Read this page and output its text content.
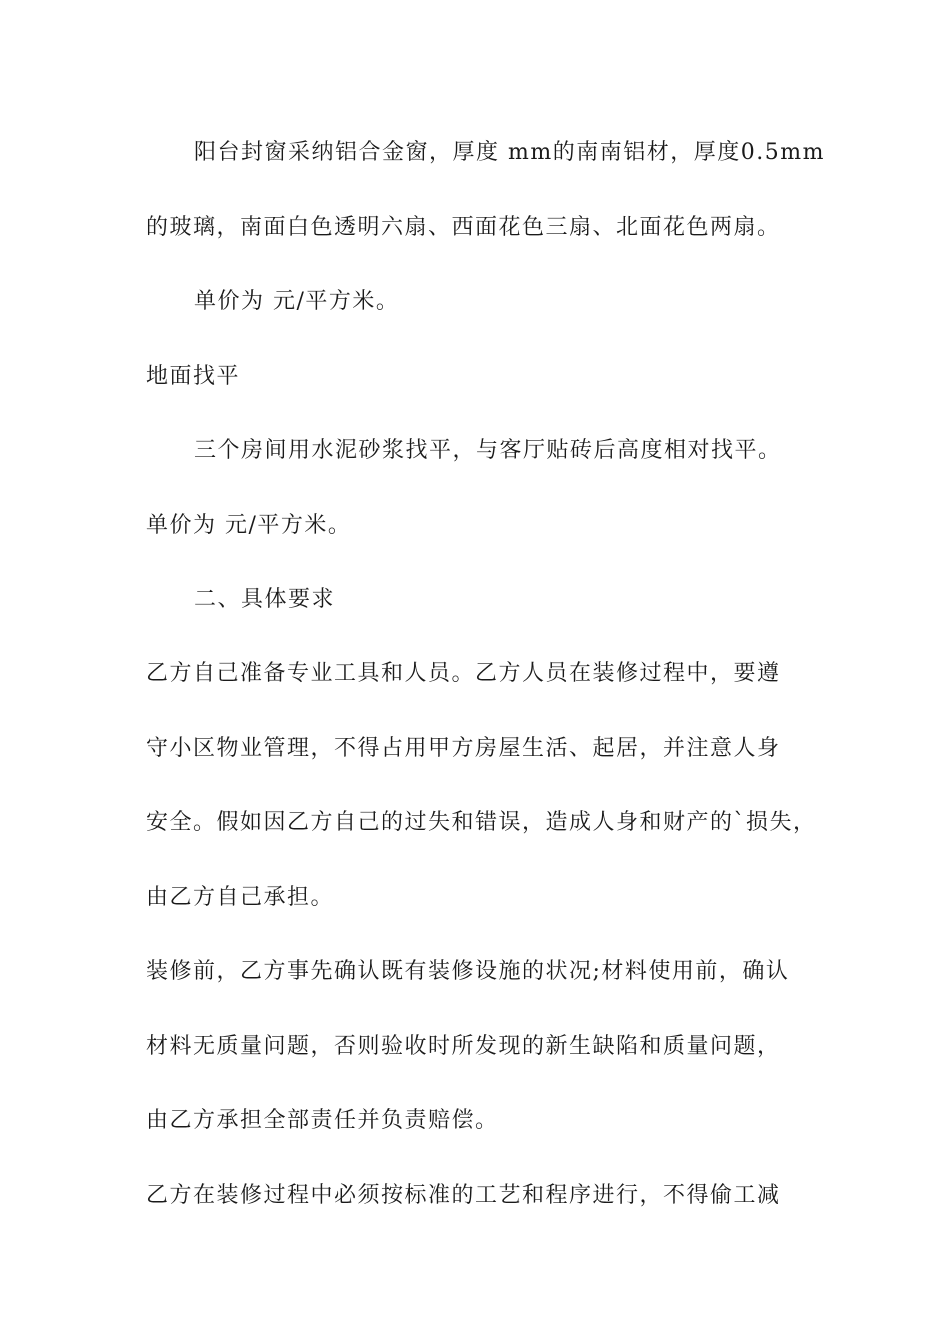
阳台封窗采纳铝合金窗，厚度 mm的南南铝材，厚度0.5mm
的玻璃，南面白色透明六扇、西面花色三扇、北面花色两扇。
单价为 元/平方米。
地面找平
三个房间用水泥砂浆找平，与客厅贴砖后高度相对找平。
单价为 元/平方米。
二、具体要求
乙方自己准备专业工具和人员。乙方人员在装修过程中，要遵
守小区物业管理，不得占用甲方房屋生活、起居，并注意人身
安全。假如因乙方自己的过失和错误，造成人身和财产的`损失，
由乙方自己承担。
装修前，乙方事先确认既有装修设施的状况;材料使用前，确认
材料无质量问题，否则验收时所发现的新生缺陷和质量问题，
由乙方承担全部责任并负责赔偿。
乙方在装修过程中必须按标准的工艺和程序进行，不得偷工减
